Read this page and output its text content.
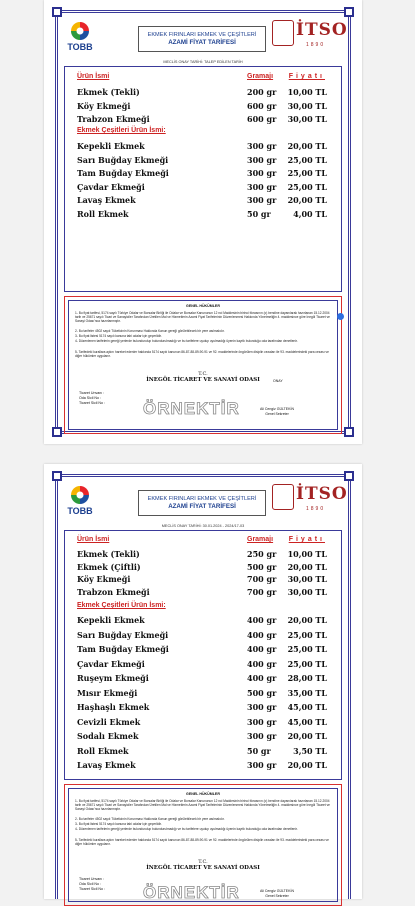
TOBB
EKMEK FIRINLARI EKMEK VE ÇEŞİTLERİ
AZAMİ FİYAT TARİFESİ
İTSO
1890
MECLİS ONAY TARİHİ: TALEP EDİLEN TARİH
Ürün İsmi	Gramajı Fiyatı
Ekmek (Tekli)	200 gr 10,00 TL
Köy Ekmeği	600 gr 30,00 TL
Trabzon Ekmeği	600 gr 30,00 TL
Ekmek Çeşitleri Ürün İsmi:
Kepekli Ekmek	300 gr 20,00 TL
Sarı Buğday Ekmeği	300 gr 25,00 TL
Tam Buğday Ekmeği	300 gr 25,00 TL
Çavdar Ekmeği	300 gr 25,00 TL
Lavaş Ekmek	300 gr 20,00 TL
Roll Ekmek	50 gr	4,00 TL
GENEL HÜKÜMLER
1- Bu fiyat tarifesi, 5174 sayılı Türkiye Odalar ve Borsalar Birliği ile Odalar ve Borsalar Kanununun 12 nci Maddesinin birinci fıkrasının (c) bendine dayanılarak hazırlanan 15.12.2004 tarih ve 25671 sayılı Ticari ve Sanayiciler Tarafından Üretilen Mal ve Hizmetlerin Azami Fiyat Tarifelerinin Düzenlenmesi Hakkında Yönetmeliğin 4. maddesince göre İnegöl Ticaret ve Sanayi Odası'nca hazırlanmıştır.
2- Bu tarifeler 4502 sayılı Tüketicinin Korunması Hakkında Kanun gereği görülebilecek bir yere asılmalıdır.
3- Bu fiyat listesi 5174 sayılı kanuna tabi odalar için geçerlidir.
4- Düzenlenen tarifelerin gereği yerlerde bulundurulup bulundurulmadığı ve bu tarifelere uyulup uyulmadığı üyenin kayıtlı bulunduğu oda tarafından denetlenir.
5- Tarifedeki kurallara aykırı hareket edenler hakkında 5174 sayılı kanunun 86-87-88-89-90-91 ve 92. maddelerinde öngörülen disiplin cezaları ile 93. maddelerindeki para cezası ve diğer hükümler uygulanır.
T.C.
İNEGÖL TİCARET VE SANAYİ ODASI	ONAY
Ticaret Unvanı :
Oda Sicil No :
Ticaret Sicil No : ÖRNEKTİR	Ali Cengiz GÜLTEKİN
Genel Sekreter
TOBB
EKMEK FIRINLARI EKMEK VE ÇEŞİTLERİ
AZAMİ FİYAT TARİFESİ
İTSO
1890
MECLİS ONAY TARİHİ: 30.01.2024 - 2024/17-03
Ürün İsmi	Gramajı Fiyatı
Ekmek (Tekli)	250 gr 10,00 TL
Ekmek (Çiftli)	500 gr 20,00 TL
Köy Ekmeği	700 gr 30,00 TL
Trabzon Ekmeği	700 gr 30,00 TL
Ekmek Çeşitleri Ürün İsmi:
Kepekli Ekmek	400 gr 20,00 TL
Sarı Buğday Ekmeği	400 gr 25,00 TL
Tam Buğday Ekmeği	400 gr 25,00 TL
Çavdar Ekmeği	400 gr 25,00 TL
Ruşeym Ekmeği	400 gr 28,00 TL
Mısır Ekmeği	500 gr 35,00 TL
Haşhaşlı Ekmek	300 gr 45,00 TL
Cevizli Ekmek	300 gr 45,00 TL
Sodalı Ekmek	300 gr 20,00 TL
Roll Ekmek	50 gr	3,50 TL
Lavaş Ekmek	300 gr 20,00 TL
GENEL HÜKÜMLER
1- Bu fiyat tarifesi, 5174 sayılı Türkiye Odalar ve Borsalar Birliği ile Odalar ve Borsalar Kanununun 12 nci Maddesinin birinci fıkrasının (c) bendine dayanılarak hazırlanan 15.12.2004 tarih ve 25671 sayılı Ticari ve Sanayiciler Tarafından Üretilen Mal ve Hizmetlerin Azami Fiyat Tarifelerinin Düzenlenmesi Hakkında Yönetmeliğin 4. maddesince göre İnegöl Ticaret ve Sanayi Odası'nca hazırlanmıştır.
2- Bu tarifeler 4502 sayılı Tüketicinin Korunması Hakkında Kanun gereği görülebilecek bir yere asılmalıdır.
3- Bu fiyat listesi 5174 sayılı kanuna tabi odalar için geçerlidir.
4- Düzenlenen tarifelerin gereği yerlerde bulundurulup bulundurulmadığı ve bu tarifelere uyulup uyulmadığı üyenin kayıtlı bulunduğu oda tarafından denetlenir.
5- Tarifedeki kurallara aykırı hareket edenler hakkında 5174 sayılı kanunun 86-87-88-89-90-91 ve 92. maddelerinde öngörülen disiplin cezaları ile 93. maddelerindeki para cezası ve diğer hükümler uygulanır.
T.C.
İNEGÖL TİCARET VE SANAYİ ODASI
Ticaret Unvanı :
Oda Sicil No :
Ticaret Sicil No : ÖRNEKTİR	Ali Cengiz GÜLTEKİN
Genel Sekreter
